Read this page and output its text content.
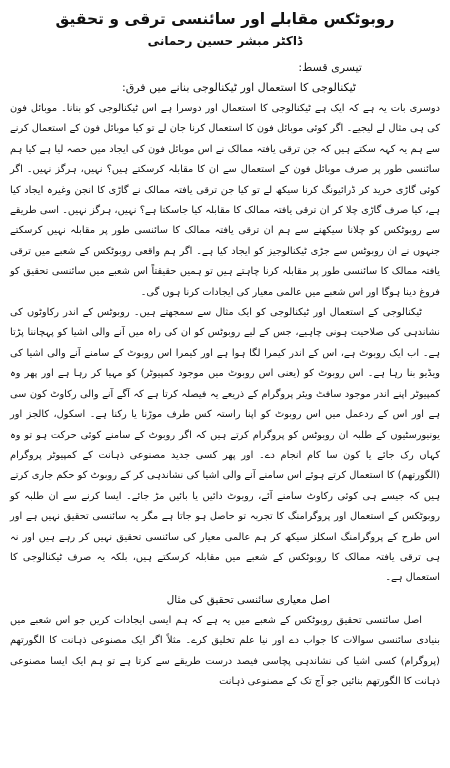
روبوٹکس مقابلے اور سائنسی ترقی و تحقیق
ڈاکٹر مبشر حسین رحمانی
تیسری قسط:
ٹیکنالوجی کا استعمال اور ٹیکنالوجی بنانے میں فرق:

دوسری بات یہ ہے کہ ایک ہے ٹیکنالوجی کا استعمال اور دوسرا ہے اس ٹیکنالوجی کو بنانا۔ موبائل فون کی ہی مثال لے لیجیے۔ اگر کوئی موبائل فون کا استعمال کرنا جان لے تو کیا موبائل فون کے استعمال کرنے سے ہم یہ کہہ سکتے ہیں کہ جن ترقی یافتہ ممالک نے اس موبائل فون کی ایجاد میں حصہ لیا ہے کیا ہم سائنسی طور پر صرف موبائل فون کے استعمال سے ان کا مقابلہ کرسکتے ہیں؟ نہیں، ہرگز نہیں۔ اگر کوئی گاڑی خرید کر ڈرائیونگ کرنا سیکھ لے تو کیا جن ترقی یافتہ ممالک نے گاڑی کا انجن وغیرہ ایجاد کیا ہے، کیا صرف گاڑی چلا کر ان ترقی یافتہ ممالک کا مقابلہ کیا جاسکتا ہے؟ نہیں، ہرگز نہیں۔ اسی طریقے سے روبوٹکس کو چلانا سیکھنے سے ہم ان ترقی یافتہ ممالک کا سائنسی طور پر مقابلہ نہیں کرسکتے جنہوں نے ان روبوٹس سے جڑی ٹیکنالوجیز کو ایجاد کیا ہے۔ اگر ہم واقعی روبوٹکس کے شعبے میں ترقی یافتہ ممالک کا سائنسی طور پر مقابلہ کرنا چاہتے ہیں تو ہمیں حقیقتاً اس شعبے میں سائنسی تحقیق کو فروغ دینا ہوگا اور اس شعبے میں عالمی معیار کی ایجادات کرنا ہوں گی۔

ٹیکنالوجی کے استعمال اور ٹیکنالوجی کو ایک مثال سے سمجھتے ہیں۔ روبوٹس کے اندر رکاوٹوں کی نشاندہی کی صلاحیت ہونی چاہیے، جس کے لیے روبوٹس کو ان کی راہ میں آنے والی اشیا کو پہچاننا پڑتا ہے۔ اب ایک روبوٹ ہے، اس کے اندر کیمرا لگا ہوا ہے اور کیمرا اس روبوٹ کے سامنے آنے والی اشیا کی ویڈیو بنا رہا ہے۔ اس روبوٹ کو (یعنی اس روبوٹ میں موجود کمپیوٹر) کو مہیا کر رہا ہے اور پھر وہ کمپیوٹر اپنے اندر موجود سافٹ ویئر پروگرام کے ذریعے یہ فیصلہ کرتا ہے کہ آگے آنے والی رکاوٹ کون سی ہے اور اس کے ردعمل میں اس روبوٹ کو اپنا راستہ کس طرف موڑنا یا رکنا ہے۔ اسکول، کالجز اور یونیورسٹیوں کے طلبہ ان روبوٹس کو پروگرام کرتے ہیں کہ اگر روبوٹ کے سامنے کوئی حرکت ہو تو وہ کہاں رک جائے یا کون سا کام انجام دے۔ اور پھر کسی جدید مصنوعی ذہانت کے کمپیوٹر پروگرام (الگورتھم) کا استعمال کرتے ہوئے اس سامنے آنے والی اشیا کی نشاندہی کر کے روبوٹ کو حکم جاری کرتے ہیں کہ جیسے ہی کوئی رکاوٹ سامنے آئے، روبوٹ دائیں یا بائیں مڑ جائے۔ ایسا کرنے سے ان طلبہ کو روبوٹکس کے استعمال اور پروگرامنگ کا تجربہ تو حاصل ہو جاتا ہے مگر یہ سائنسی تحقیق نہیں ہے اور اس طرح کے پروگرامنگ اسکلز سیکھ کر ہم عالمی معیار کی سائنسی تحقیق نہیں کر رہے ہیں اور نہ ہی ترقی یافتہ ممالک کا روبوٹکس کے شعبے میں مقابلہ کرسکتے ہیں، بلکہ یہ صرف ٹیکنالوجی کا استعمال ہے۔

اصل معیاری سائنسی تحقیق کی مثال

اصل سائنسی تحقیق روبوٹکس کے شعبے میں یہ ہے کہ ہم ایسی ایجادات کریں جو اس شعبے میں بنیادی سائنسی سوالات کا جواب دے اور نیا علم تخلیق کرے۔ مثلاً اگر ایک مصنوعی ذہانت کا الگورتھم (پروگرام) کسی اشیا کی نشاندہی پچاسی فیصد درست طریقے سے کرتا ہے تو ہم ایک ایسا مصنوعی ذہانت کا الگورتھم بنائیں جو آج تک کے مصنوعی ذہانت
